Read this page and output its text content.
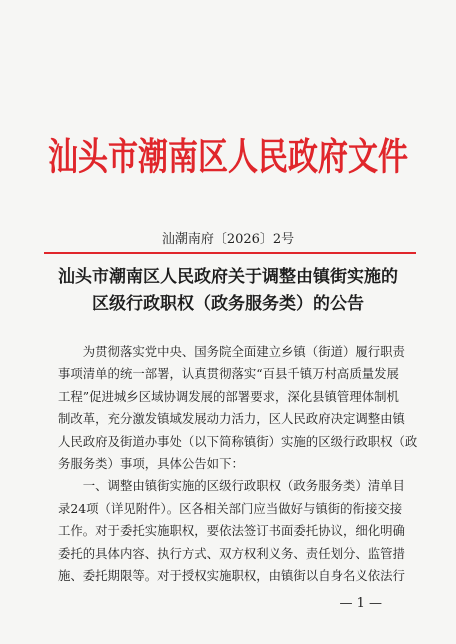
汕头市潮南区人民政府文件
汕潮南府〔2026〕2号
汕头市潮南区人民政府关于调整由镇街实施的
区级行政职权（政务服务类）的公告
　　为贯彻落实党中央、国务院全面建立乡镇（街道）履行职责
事项清单的统一部署，认真贯彻落实“百县千镇万村高质量发展
工程”促进城乡区域协调发展的部署要求，深化县镇管理体制机
制改革，充分激发镇域发展动力活力，区人民政府决定调整由镇
人民政府及街道办事处（以下简称镇街）实施的区级行政职权（政
务服务类）事项，具体公告如下：
　　一、调整由镇街实施的区级行政职权（政务服务类）清单目
录24项（详见附件）。区各相关部门应当做好与镇街的衔接交接
工作。对于委托实施职权，要依法签订书面委托协议，细化明确
委托的具体内容、执行方式、双方权利义务、责任划分、监管措
施、委托期限等。对于授权实施职权，由镇街以自身名义依法行
— 1 —
